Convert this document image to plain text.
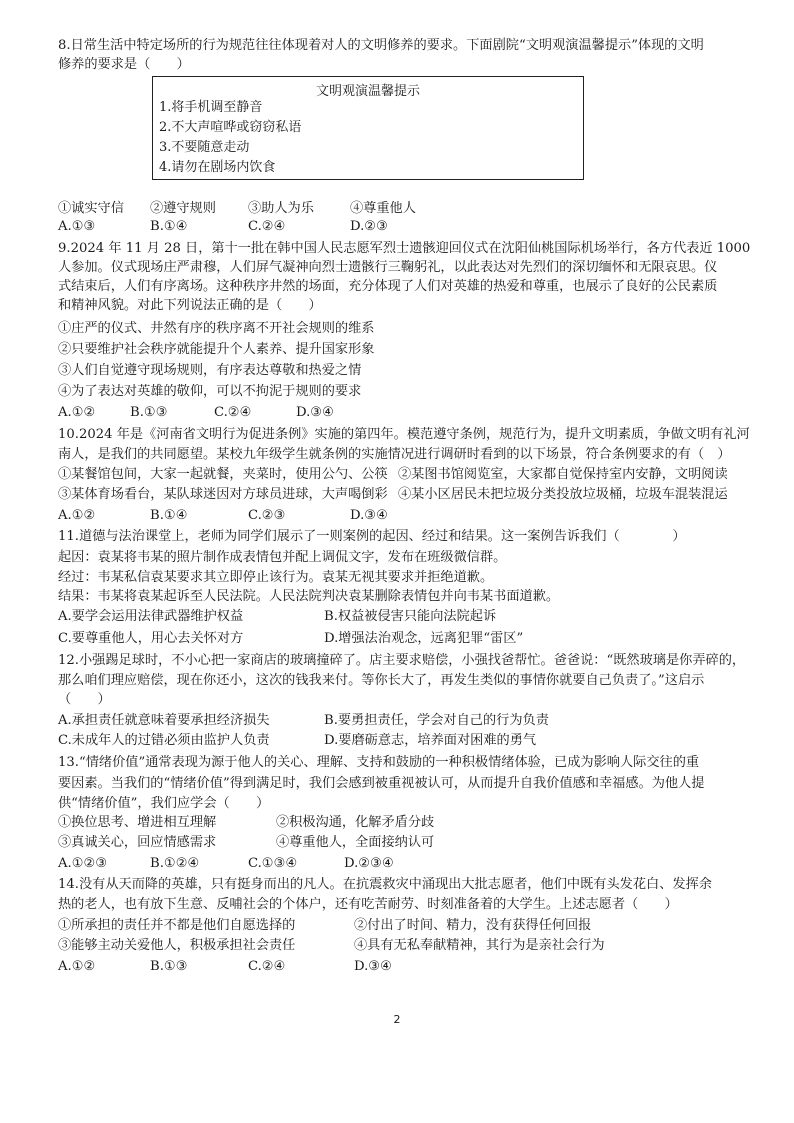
8.日常生活中特定场所的行为规范往往体现着对人的文明修养的要求。下面剧院“文明观演温馨提示”体现的文明
修养的要求是（　　）
文明观演温馨提示
1.将手机调至静音
2.不大声喧哗或窃窃私语
3.不要随意走动
4.请勿在剧场内饮食
①诚实守信 ②遵守规则 ③助人为乐	④尊重他人
A.①③	B.①④	C.②④	D.②③
9.2024 年 11 月 28 日，第十一批在韩中国人民志愿军烈士遗骸迎回仪式在沈阳仙桃国际机场举行，各方代表近 1000
人参加。仪式现场庄严肃穆，人们屏气凝神向烈士遗骸行三鞠躬礼，以此表达对先烈们的深切缅怀和无限哀思。仪
式结束后，人们有序离场。这种秩序井然的场面，充分体现了人们对英雄的热爱和尊重，也展示了良好的公民素质
和精神风貌。对此下列说法正确的是（　　）
①庄严的仪式、井然有序的秩序离不开社会规则的维系
②只要维护社会秩序就能提升个人素养、提升国家形象
③人们自觉遵守现场规则，有序表达尊敬和热爱之情
④为了表达对英雄的敬仰，可以不拘泥于规则的要求
A.①②	B.①③	C.②④	D.③④
10.2024 年是《河南省文明行为促进条例》实施的第四年。模范遵守条例，规范行为，提升文明素质，争做文明有礼河
南人，是我们的共同愿望。某校九年级学生就条例的实施情况进行调研时看到的以下场景，符合条例要求的有（　）
①某餐馆包间，大家一起就餐，夹菜时，使用公勺、公筷 ②某图书馆阅览室，大家都自觉保持室内安静，文明阅读
③某体育场看台，某队球迷因对方球员进球，大声喝倒彩 ④某小区居民未把垃圾分类投放垃圾桶，垃圾车混装混运
A.①②	B.①④	C.②③	D.③④
11.道德与法治课堂上，老师为同学们展示了一则案例的起因、经过和结果。这一案例告诉我们（　　　　）
起因：袁某将韦某的照片制作成表情包并配上调侃文字，发布在班级微信群。
经过：韦某私信袁某要求其立即停止该行为。袁某无视其要求并拒绝道歉。
结果：韦某将袁某起诉至人民法院。人民法院判决袁某删除表情包并向韦某书面道歉。
A.要学会运用法律武器维护权益	B.权益被侵害只能向法院起诉
C.要尊重他人，用心去关怀对方	D.增强法治观念，远离犯罪“雷区”
12.小强踢足球时，不小心把一家商店的玻璃撞碎了。店主要求赔偿，小强找爸帮忙。爸爸说：“既然玻璃是你弄碎的，
那么咱们理应赔偿，现在你还小，这次的钱我来付。等你长大了，再发生类似的事情你就要自己负责了。”这启示
（　　）
A.承担责任就意味着要承担经济损失	B.要勇担责任，学会对自己的行为负责
C.未成年人的过错必须由监护人负责	D.要磨砺意志，培养面对困难的勇气
13.“情绪价值”通常表现为源于他人的关心、理解、支持和鼓励的一种积极情绪体验，已成为影响人际交往的重
要因素。当我们的“情绪价值”得到满足时，我们会感到被重视被认可，从而提升自我价值感和幸福感。为他人提
供“情绪价值”，我们应学会（　　）
①换位思考、增进相互理解	②积极沟通，化解矛盾分歧
③真诚关心，回应情感需求	④尊重他人，全面接纳认可
A.①②③	B.①②④	C.①③④	D.②③④
14.没有从天而降的英雄，只有挺身而出的凡人。在抗震救灾中涌现出大批志愿者，他们中既有头发花白、发挥余
热的老人，也有放下生意、反哺社会的个体户，还有吃苦耐劳、时刻准备着的大学生。上述志愿者（　　）
①所承担的责任并不都是他们自愿选择的	②付出了时间、精力，没有获得任何回报
③能够主动关爱他人，积极承担社会责任	④具有无私奉献精神，其行为是亲社会行为
A.①②	B.①③	C.②④	D.③④
2
